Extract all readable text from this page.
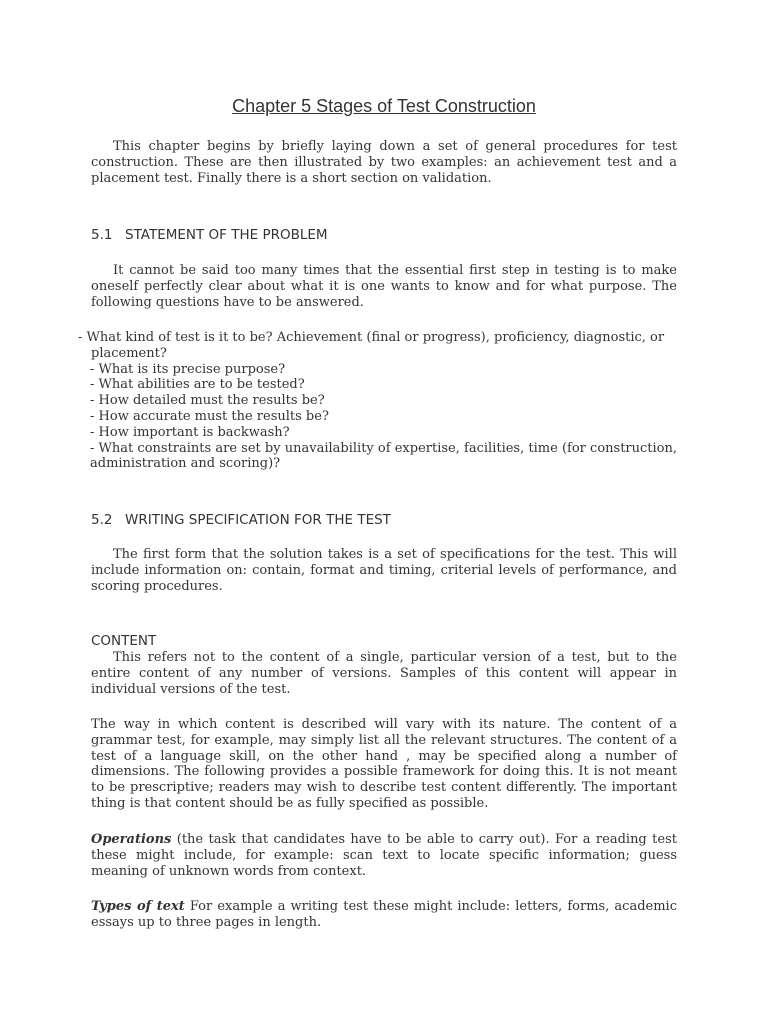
Chapter 5 Stages of Test Construction
This chapter begins by briefly laying down a set of general procedures for test construction. These are then illustrated by two examples: an achievement test and a placement test. Finally there is a short section on validation.
5.1 STATEMENT OF THE PROBLEM
It cannot be said too many times that the essential first step in testing is to make oneself perfectly clear about what it is one wants to know and for what purpose. The following questions have to be answered.
- What kind of test is it to be? Achievement (final or progress), proficiency, diagnostic, or
placement?
- What is its precise purpose?
- What abilities are to be tested?
- How detailed must the results be?
- How accurate must the results be?
- How important is backwash?
- What constraints are set by unavailability of expertise, facilities, time (for construction, administration and scoring)?
5.2 WRITING SPECIFICATION FOR THE TEST
The first form that the solution takes is a set of specifications for the test. This will include information on: contain, format and timing, criterial levels of performance, and scoring procedures.
CONTENT
This refers not to the content of a single, particular version of a test, but to the entire content of any number of versions. Samples of this content will appear in individual versions of the test.
The way in which content is described will vary with its nature. The content of a grammar test, for example, may simply list all the relevant structures. The content of a test of a language skill, on the other hand , may be specified along a number of dimensions. The following provides a possible framework for doing this. It is not meant to be prescriptive; readers may wish to describe test content differently. The important thing is that content should be as fully specified as possible.
Operations (the task that candidates have to be able to carry out). For a reading test these might include, for example: scan text to locate specific information; guess meaning of unknown words from context.
Types of text For example a writing test these might include: letters, forms, academic essays up to three pages in length.
